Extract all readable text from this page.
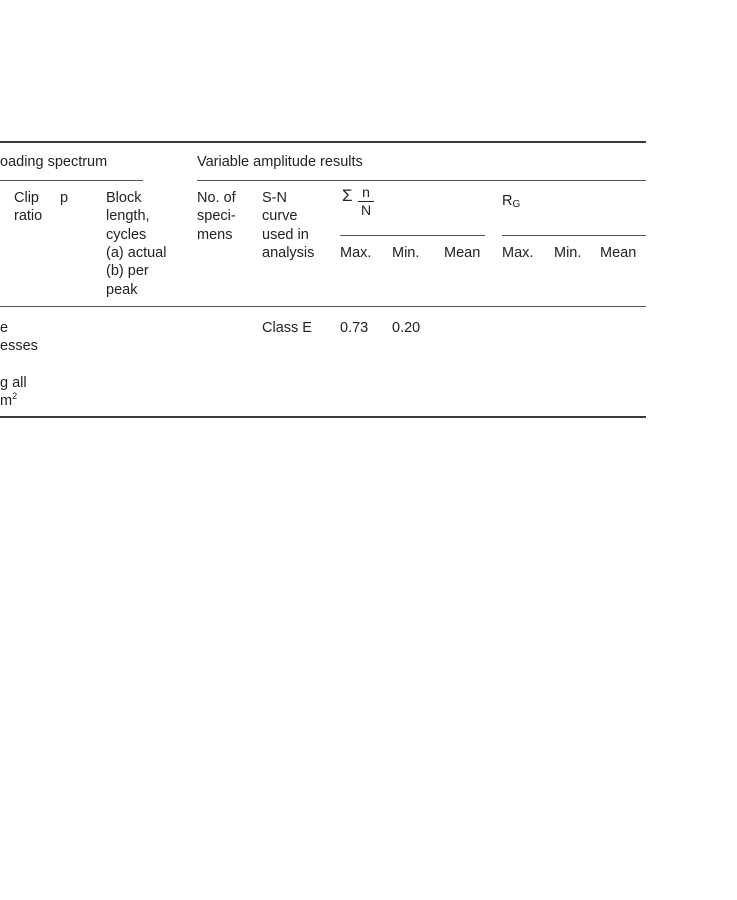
oading spectrum	Variable amplitude results
Clip
ratio
p	Block
length,
cycles
(a) actual
(b) per
peak
No. of
speci-
mens
S-N
curve
used in
analysis
Σ n
N
$R_G$
Max. Min. Mean Max. Min. Mean
e
esses
g all
$m^2$
Class E 0.73 0.20
